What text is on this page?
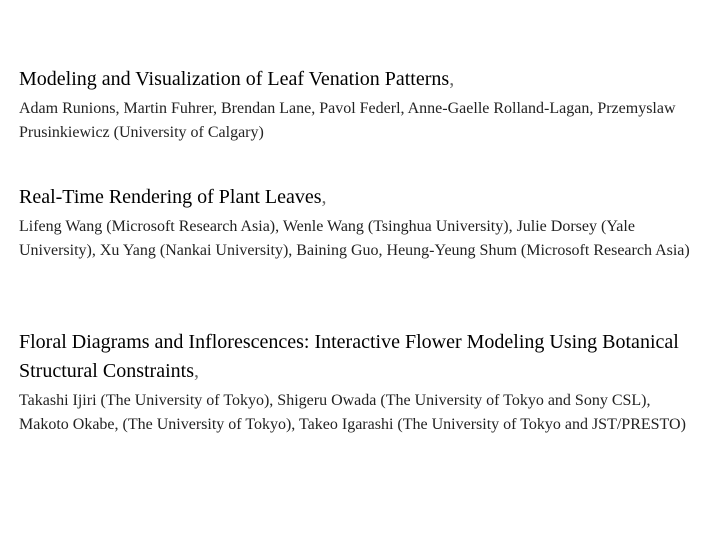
Modeling and Visualization of Leaf Venation Patterns,

Adam Runions, Martin Fuhrer, Brendan Lane, Pavol Federl, Anne-Gaelle Rolland-Lagan, Przemyslaw Prusinkiewicz (University of Calgary)

Real-Time Rendering of Plant Leaves,

Lifeng Wang (Microsoft Research Asia), Wenle Wang (Tsinghua University), Julie Dorsey (Yale University), Xu Yang (Nankai University), Baining Guo, Heung-Yeung Shum (Microsoft Research Asia)

Floral Diagrams and Inflorescences: Interactive Flower Modeling Using Botanical Structural Constraints,

Takashi Ijiri (The University of Tokyo), Shigeru Owada (The University of Tokyo and Sony CSL), Makoto Okabe, (The University of Tokyo), Takeo Igarashi (The University of Tokyo and JST/PRESTO)
